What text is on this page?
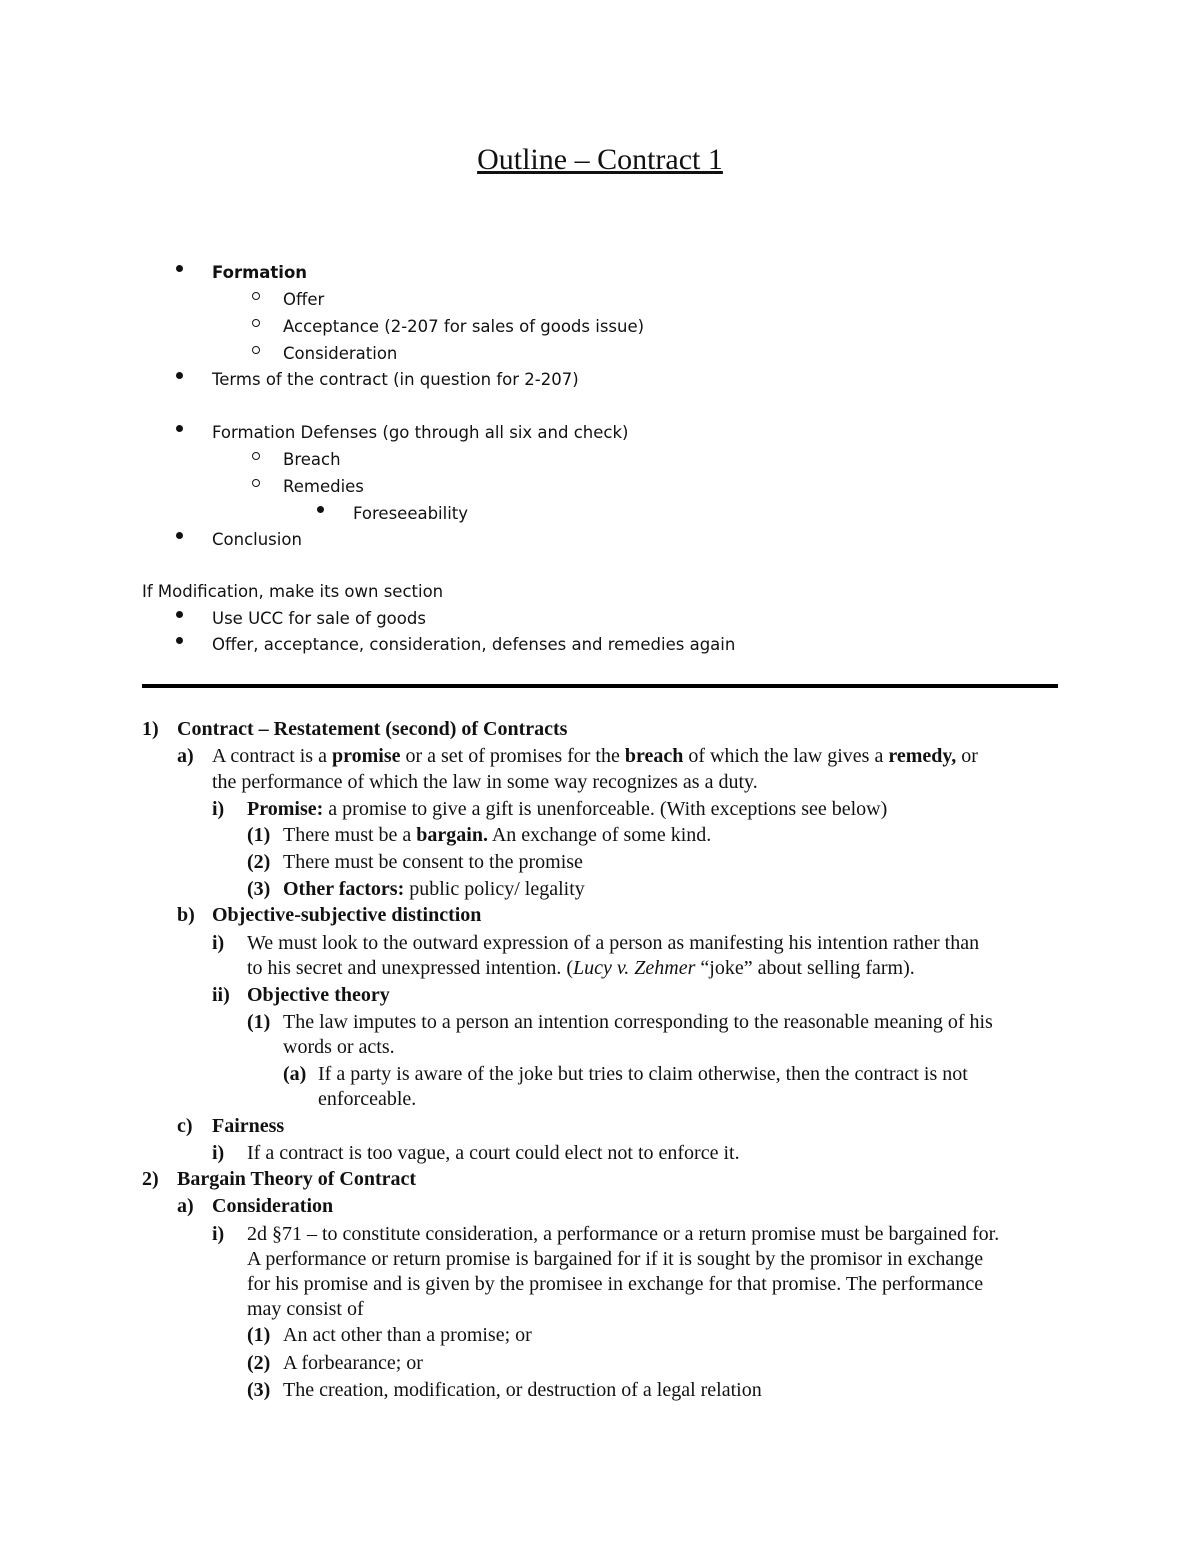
Outline – Contract 1
Formation
Offer
Acceptance (2-207 for sales of goods issue)
Consideration
Terms of the contract (in question for 2-207)
Formation Defenses (go through all six and check)
Breach
Remedies
Foreseeability
Conclusion
If Modification, make its own section
Use UCC for sale of goods
Offer, acceptance, consideration, defenses and remedies again
1) Contract – Restatement (second) of Contracts
a) A contract is a promise or a set of promises for the breach of which the law gives a remedy, or
the performance of which the law in some way recognizes as a duty.
i) Promise: a promise to give a gift is unenforceable. (With exceptions see below)
(1) There must be a bargain. An exchange of some kind.
(2) There must be consent to the promise
(3) Other factors: public policy/ legality
b) Objective-subjective distinction
i) We must look to the outward expression of a person as manifesting his intention rather than
to his secret and unexpressed intention. (Lucy v. Zehmer “joke” about selling farm).
ii) Objective theory
(1) The law imputes to a person an intention corresponding to the reasonable meaning of his
words or acts.
(a) If a party is aware of the joke but tries to claim otherwise, then the contract is not
enforceable.
c) Fairness
i) If a contract is too vague, a court could elect not to enforce it.
2) Bargain Theory of Contract
a) Consideration
i) 2d §71 – to constitute consideration, a performance or a return promise must be bargained for.
A performance or return promise is bargained for if it is sought by the promisor in exchange
for his promise and is given by the promisee in exchange for that promise. The performance
may consist of
(1) An act other than a promise; or
(2) A forbearance; or
(3) The creation, modification, or destruction of a legal relation
